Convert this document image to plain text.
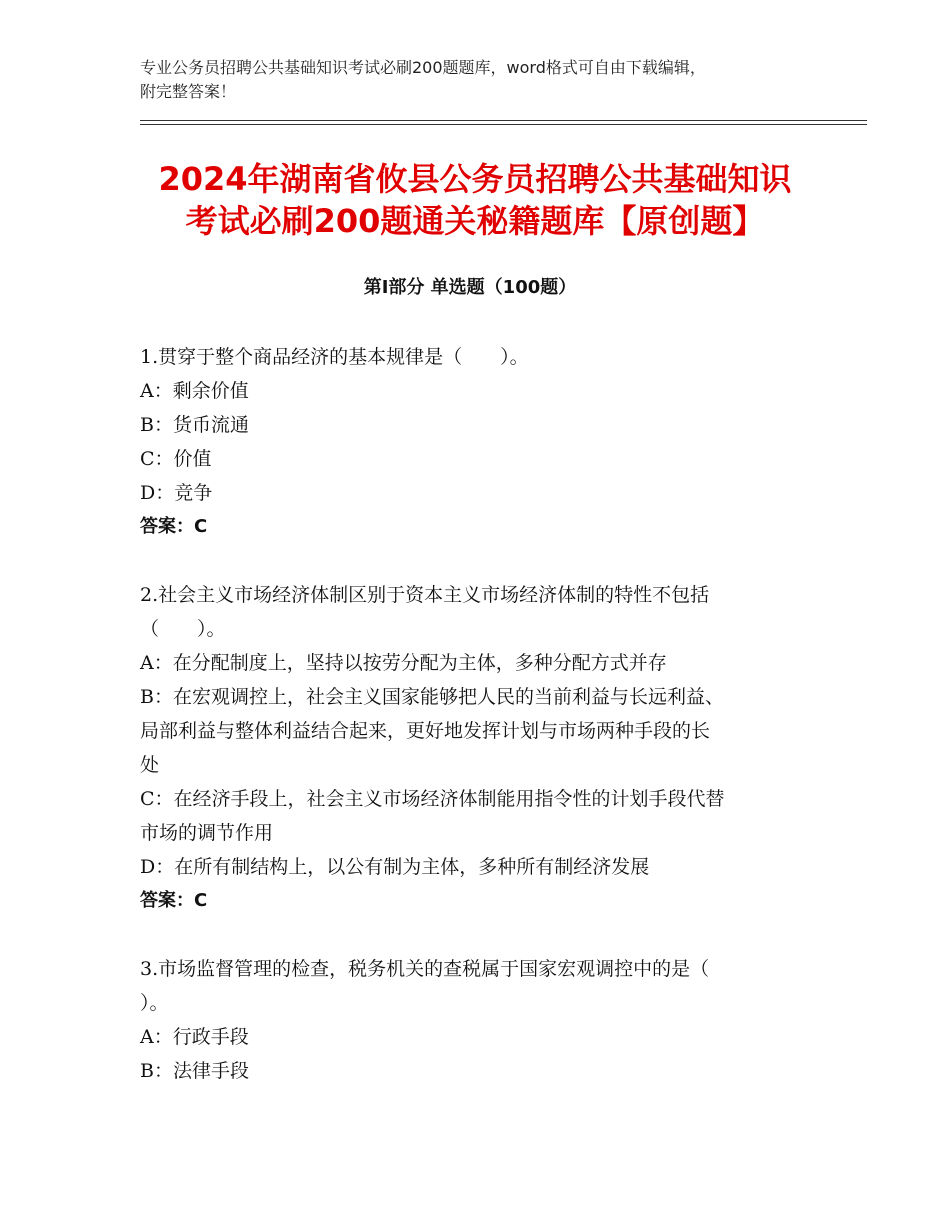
专业公务员招聘公共基础知识考试必刷200题题库，word格式可自由下载编辑，
附完整答案！
2024年湖南省攸县公务员招聘公共基础知识
考试必刷200题通关秘籍题库【原创题】
第Ⅰ部分 单选题（100题）
1.贯穿于整个商品经济的基本规律是（　　）。
A：剩余价值
B：货币流通
C：价值
D：竞争
答案：C
2.社会主义市场经济体制区别于资本主义市场经济体制的特性不包括
（　　）。
A：在分配制度上，坚持以按劳分配为主体，多种分配方式并存
B：在宏观调控上，社会主义国家能够把人民的当前利益与长远利益、
局部利益与整体利益结合起来，更好地发挥计划与市场两种手段的长
处
C：在经济手段上，社会主义市场经济体制能用指令性的计划手段代替
市场的调节作用
D：在所有制结构上，以公有制为主体，多种所有制经济发展
答案：C
3.市场监督管理的检查，税务机关的查税属于国家宏观调控中的是（
）。
A：行政手段
B：法律手段
